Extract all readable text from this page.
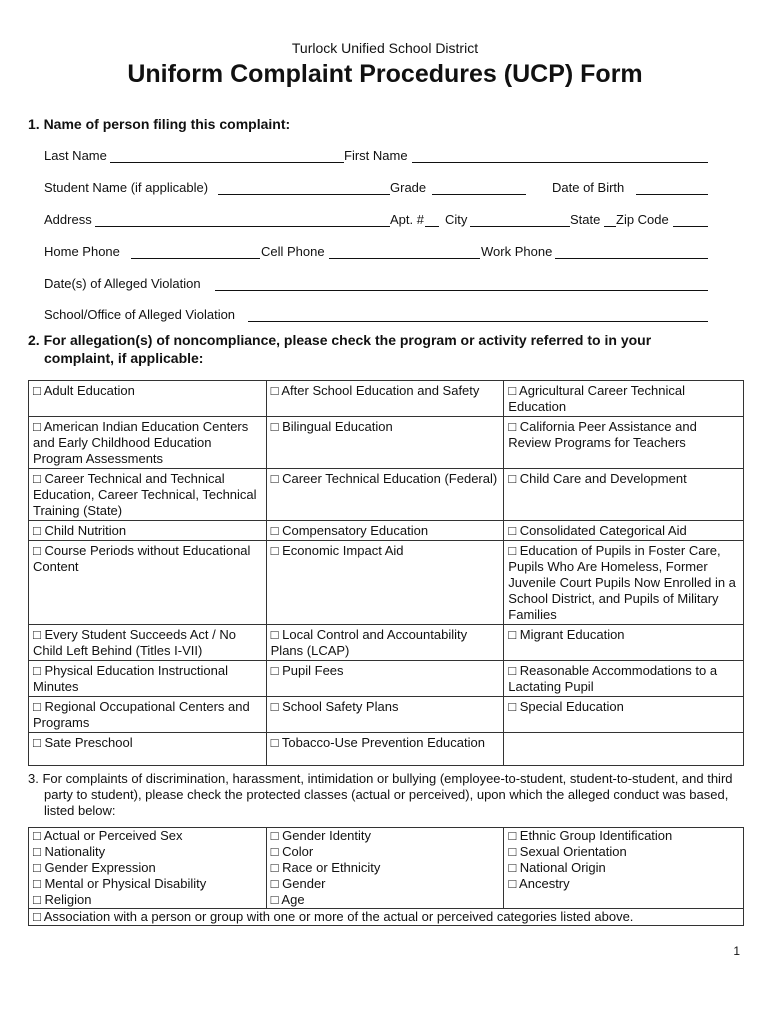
Turlock Unified School District
Uniform Complaint Procedures (UCP) Form
1. Name of person filing this complaint:
Last Name	First Name
Student Name (if applicable)	Grade	Date of Birth
Address	Apt. # City	State Zip Code
Home Phone	Cell Phone	Work Phone
Date(s) of Alleged Violation
School/Office of Alleged Violation
2. For allegation(s) of noncompliance, please check the program or activity referred to in your
complaint, if applicable:
□ Adult Education	□ After School Education and Safety	□ Agricultural Career Technical Education
□ American Indian Education Centers and Early Childhood Education Program Assessments	□ Bilingual Education	□ California Peer Assistance and Review Programs for Teachers
□ Career Technical and Technical Education, Career Technical, Technical Training (State)	□ Career Technical Education (Federal)	□ Child Care and Development
□ Child Nutrition	□ Compensatory Education	□ Consolidated Categorical Aid
□ Course Periods without Educational Content	□ Economic Impact Aid	□ Education of Pupils in Foster Care, Pupils Who Are Homeless, Former Juvenile Court Pupils Now Enrolled in a School District, and Pupils of Military Families
□ Every Student Succeeds Act / No Child Left Behind (Titles I-VII)	□ Local Control and Accountability Plans (LCAP)	□ Migrant Education
□ Physical Education Instructional Minutes	□ Pupil Fees	□ Reasonable Accommodations to a Lactating Pupil
□ Regional Occupational Centers and Programs	□ School Safety Plans	□ Special Education
□ Sate Preschool	□ Tobacco-Use Prevention Education	
3. For complaints of discrimination, harassment, intimidation or bullying (employee-to-student, student-to-student, and third party to student), please check the protected classes (actual or perceived), upon which the alleged conduct was based, listed below:
□ Actual or Perceived Sex	□ Gender Identity	□ Ethnic Group Identification
□ Nationality	□ Color	□ Sexual Orientation
□ Gender Expression	□ Race or Ethnicity	□ National Origin
□ Mental or Physical Disability	□ Gender	□ Ancestry
□ Religion	□ Age	
□ Association with a person or group with one or more of the actual or perceived categories listed above.		
1
